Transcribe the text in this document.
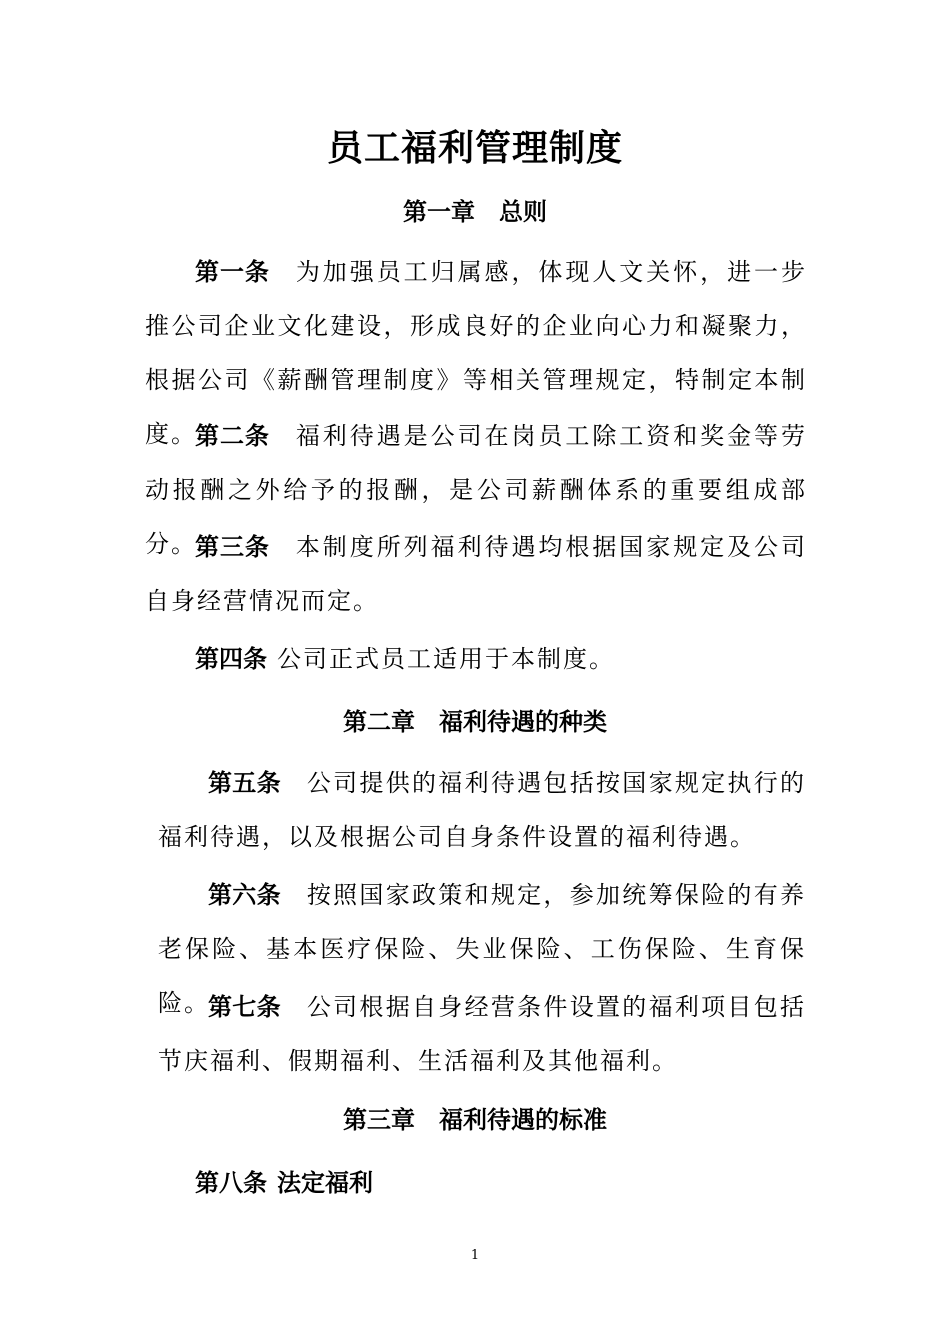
员工福利管理制度
第一章　 总则

第一条 为加强员工归属感，体现人文关怀，进一步推公司企业文化建设，形成良好的企业向心力和凝聚力，根据公司《薪酬管理制度》等相关管理规定，特制定本制度。

第二条 福利待遇是公司在岗员工除工资和奖金等劳动报酬之外给予的报酬，是公司薪酬体系的重要组成部分。

第三条 本制度所列福利待遇均根据国家规定及公司自身经营情况而定。

第四条 公司正式员工适用于本制度。

第二章　 福利待遇的种类

第五条 公司提供的福利待遇包括按国家规定执行的福利待遇，以及根据公司自身条件设置的福利待遇。

第六条 按照国家政策和规定，参加统筹保险的有养老保险、基本医疗保险、失业保险、工伤保险、生育保险。

第七条 公司根据自身经营条件设置的福利项目包括节庆福利、假期福利、生活福利及其他福利。

第三章　 福利待遇的标准

第八条 法定福利

1
